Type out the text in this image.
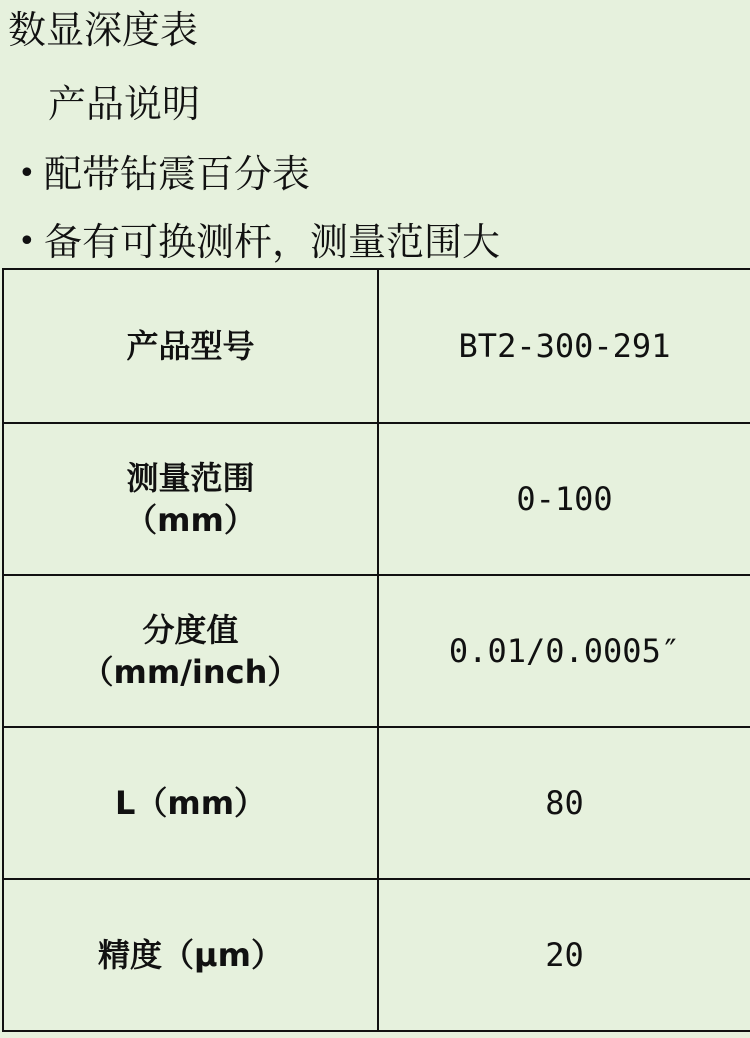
数显深度表
产品说明
• 配带钻震百分表
• 备有可换测杆，测量范围大
产品型号	BT2-300-291

测量范围
（mm）	0-100

分度值
（mm/inch）	0.01/0.0005″

L（mm）	80

精度（μm）	20
